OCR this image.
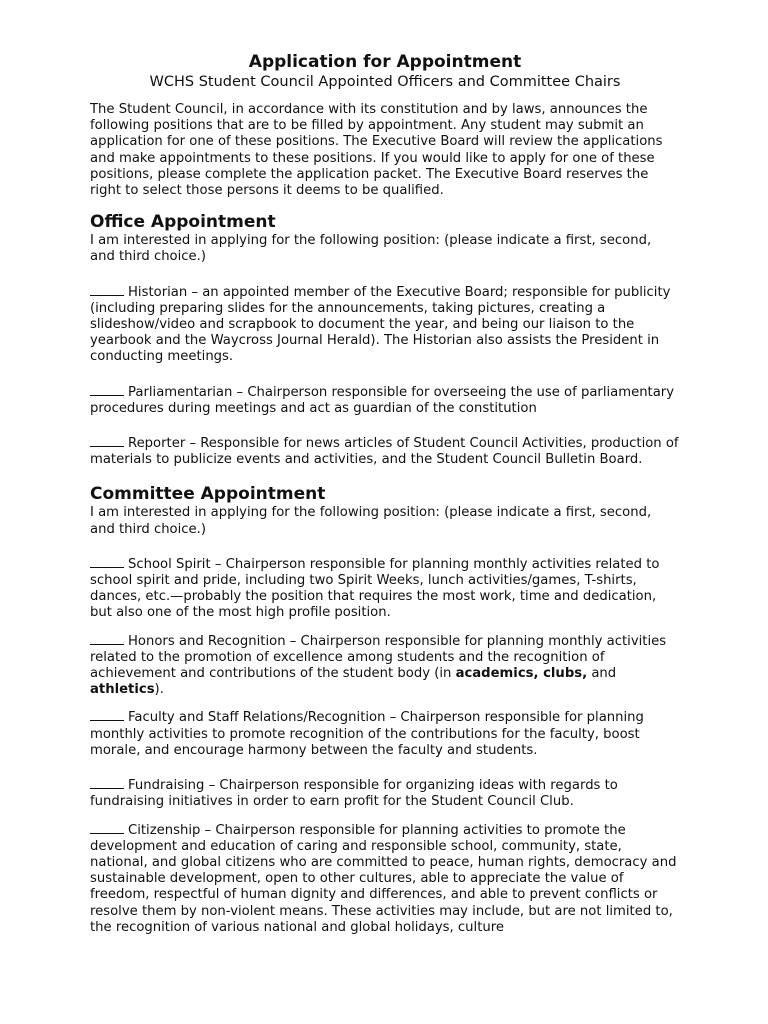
Application for Appointment
WCHS Student Council Appointed Officers and Committee Chairs

The Student Council, in accordance with its constitution and by laws, announces the following positions that are to be filled by appointment. Any student may submit an application for one of these positions. The Executive Board will review the applications and make appointments to these positions. If you would like to apply for one of these positions, please complete the application packet. The Executive Board reserves the right to select those persons it deems to be qualified.

Office Appointment

I am interested in applying for the following position: (please indicate a first, second, and third choice.)

Historian – an appointed member of the Executive Board; responsible for publicity (including preparing slides for the announcements, taking pictures, creating a slideshow/video and scrapbook to document the year, and being our liaison to the yearbook and the Waycross Journal Herald). The Historian also assists the President in conducting meetings.

Parliamentarian – Chairperson responsible for overseeing the use of parliamentary procedures during meetings and act as guardian of the constitution

Reporter – Responsible for news articles of Student Council Activities, production of materials to publicize events and activities, and the Student Council Bulletin Board.

Committee Appointment

I am interested in applying for the following position: (please indicate a first, second, and third choice.)

School Spirit – Chairperson responsible for planning monthly activities related to school spirit and pride, including two Spirit Weeks, lunch activities/games, T-shirts, dances, etc.—probably the position that requires the most work, time and dedication, but also one of the most high profile position.

Honors and Recognition – Chairperson responsible for planning monthly activities related to the promotion of excellence among students and the recognition of achievement and contributions of the student body (in academics, clubs, and athletics).

Faculty and Staff Relations/Recognition – Chairperson responsible for planning monthly activities to promote recognition of the contributions for the faculty, boost morale, and encourage harmony between the faculty and students.

Fundraising – Chairperson responsible for organizing ideas with regards to fundraising initiatives in order to earn profit for the Student Council Club.

Citizenship – Chairperson responsible for planning activities to promote the development and education of caring and responsible school, community, state, national, and global citizens who are committed to peace, human rights, democracy and sustainable development, open to other cultures, able to appreciate the value of freedom, respectful of human dignity and differences, and able to prevent conflicts or resolve them by non-violent means. These activities may include, but are not limited to, the recognition of various national and global holidays, culture
